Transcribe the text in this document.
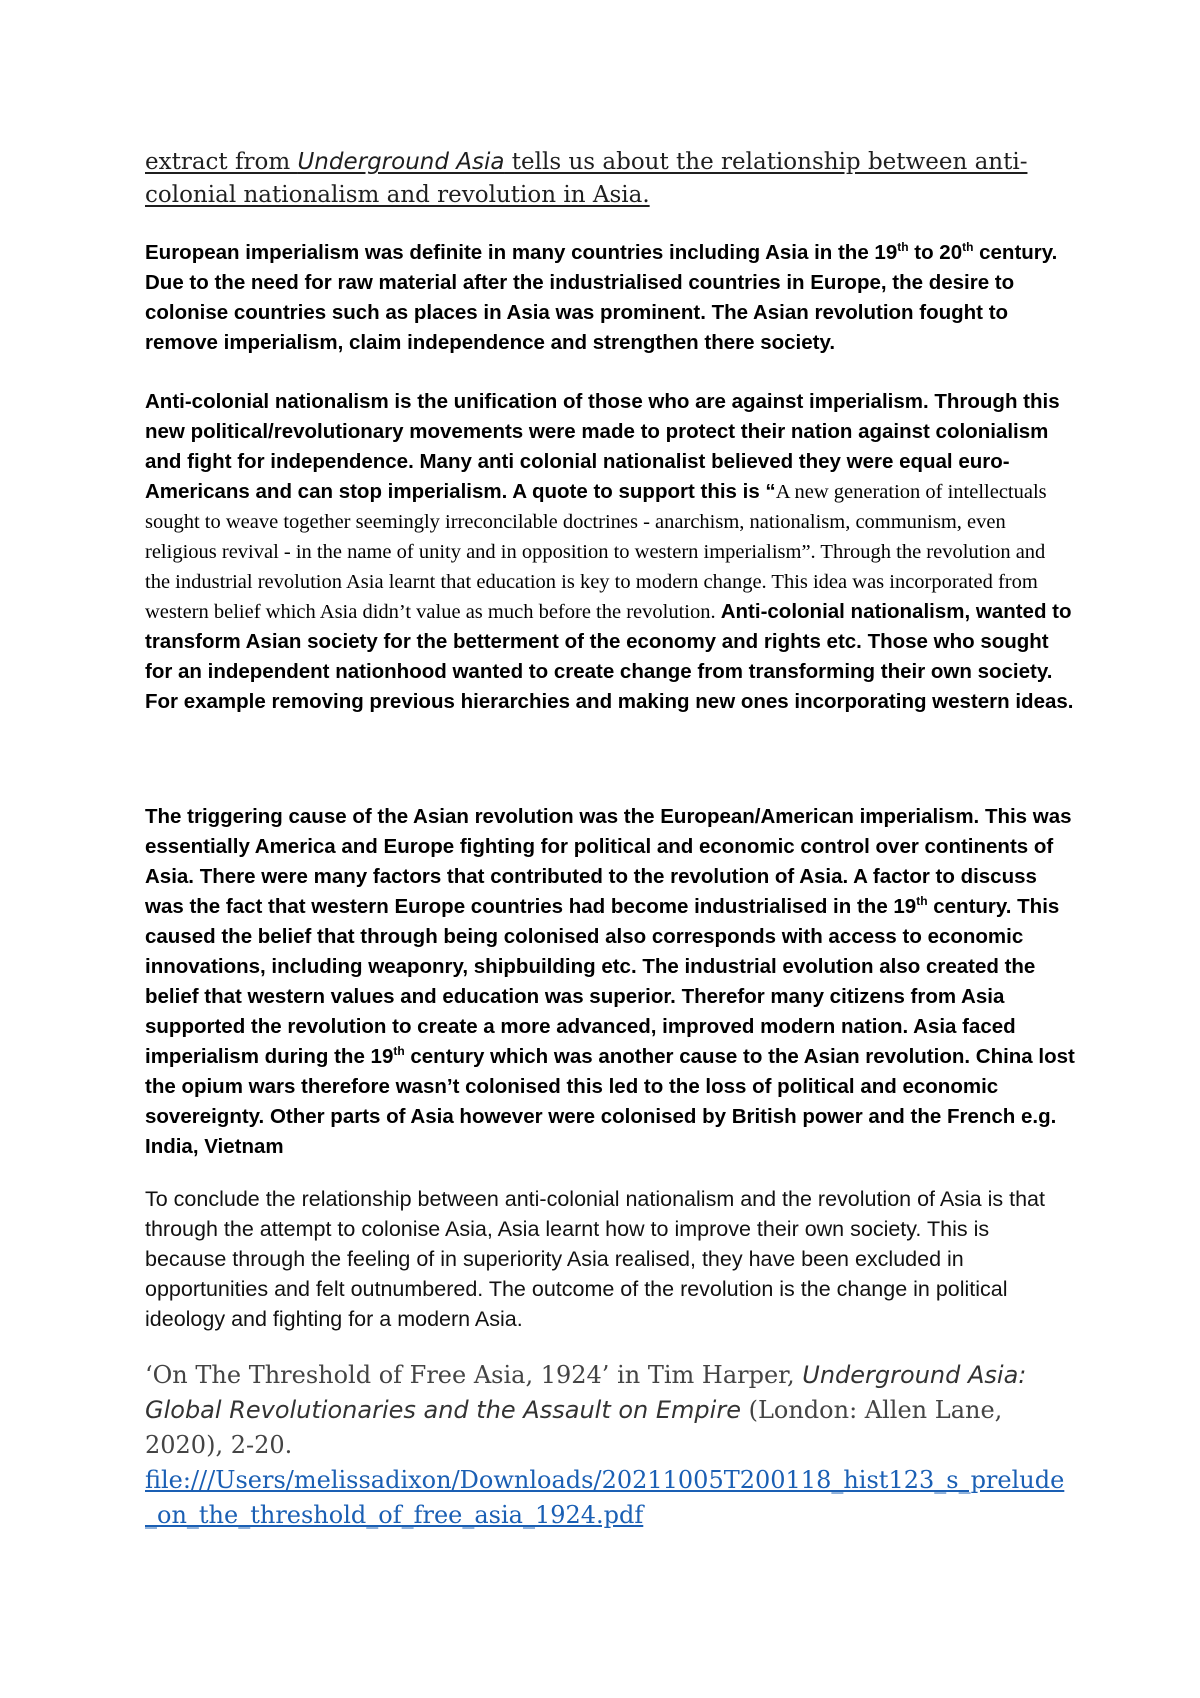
extract from Underground Asia tells us about the relationship between anti-colonial nationalism and revolution in Asia.
European imperialism was definite in many countries including Asia in the 19th to 20th century. Due to the need for raw material after the industrialised countries in Europe, the desire to colonise countries such as places in Asia was prominent. The Asian revolution fought to remove imperialism, claim independence and strengthen there society.
Anti-colonial nationalism is the unification of those who are against imperialism. Through this new political/revolutionary movements were made to protect their nation against colonialism and fight for independence. Many anti colonial nationalist believed they were equal euro-Americans and can stop imperialism. A quote to support this is “A new generation of intellectuals sought to weave together seemingly irreconcilable doctrines - anarchism, nationalism, communism, even religious revival - in the name of unity and in opposition to western imperialism”. Through the revolution and the industrial revolution Asia learnt that education is key to modern change. This idea was incorporated from western belief which Asia didn’t value as much before the revolution. Anti-colonial nationalism, wanted to transform Asian society for the betterment of the economy and rights etc. Those who sought for an independent nationhood wanted to create change from transforming their own society. For example removing previous hierarchies and making new ones incorporating western ideas.
The triggering cause of the Asian revolution was the European/American imperialism. This was essentially America and Europe fighting for political and economic control over continents of Asia. There were many factors that contributed to the revolution of Asia. A factor to discuss was the fact that western Europe countries had become industrialised in the 19th century. This caused the belief that through being colonised also corresponds with access to economic innovations, including weaponry, shipbuilding etc. The industrial evolution also created the belief that western values and education was superior. Therefor many citizens from Asia supported the revolution to create a more advanced, improved modern nation. Asia faced imperialism during the 19th century which was another cause to the Asian revolution. China lost the opium wars therefore wasn’t colonised this led to the loss of political and economic sovereignty. Other parts of Asia however were colonised by British power and the French e.g. India, Vietnam
To conclude the relationship between anti-colonial nationalism and the revolution of Asia is that through the attempt to colonise Asia, Asia learnt how to improve their own society. This is because through the feeling of in superiority Asia realised, they have been excluded in opportunities and felt outnumbered. The outcome of the revolution is the change in political ideology and fighting for a modern Asia.
‘On The Threshold of Free Asia, 1924’ in Tim Harper, Underground Asia: Global Revolutionaries and the Assault on Empire (London: Allen Lane, 2020), 2-20.
file:///Users/melissadixon/Downloads/20211005T200118_hist123_s_prelude_on_the_threshold_of_free_asia_1924.pdf
